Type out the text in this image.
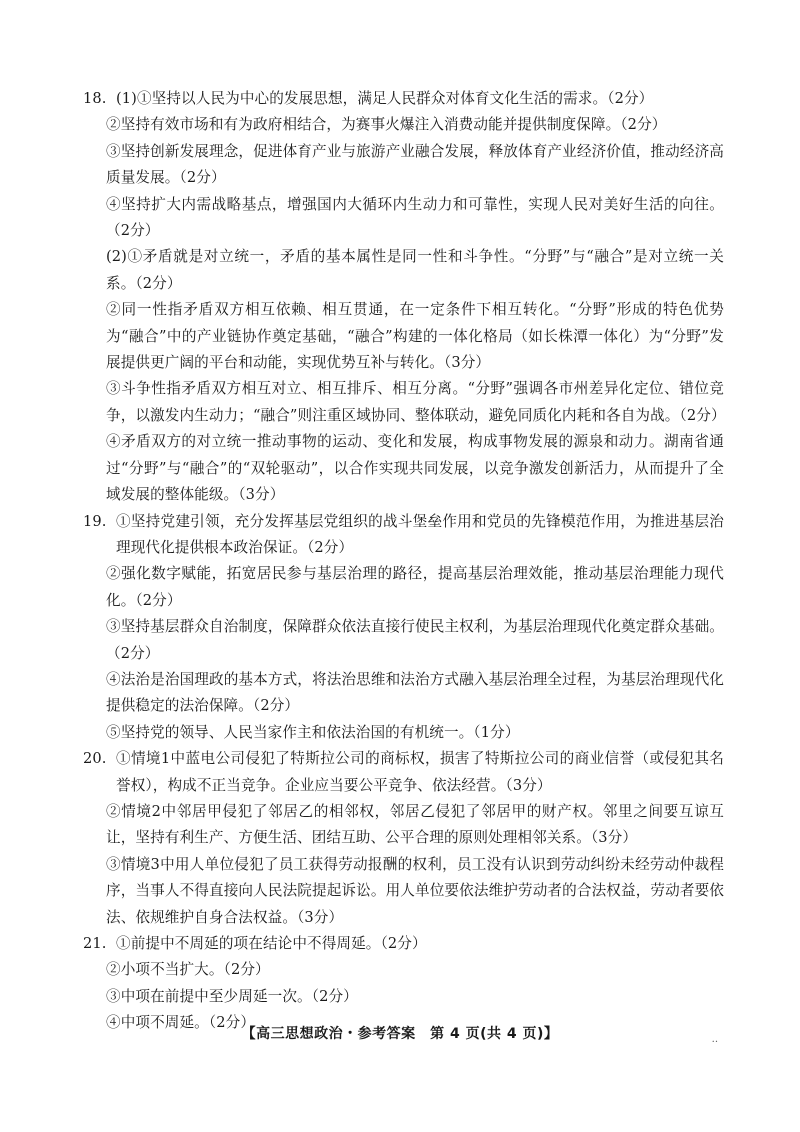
18. (1)①坚持以人民为中心的发展思想，满足人民群众对体育文化生活的需求。（2分）

②坚持有效市场和有为政府相结合，为赛事火爆注入消费动能并提供制度保障。（2分）

③坚持创新发展理念，促进体育产业与旅游产业融合发展，释放体育产业经济价值，推动经济高质量发展。（2分）

④坚持扩大内需战略基点，增强国内大循环内生动力和可靠性，实现人民对美好生活的向往。（2分）

(2)①矛盾就是对立统一，矛盾的基本属性是同一性和斗争性。“分野”与“融合”是对立统一关系。（2分）

②同一性指矛盾双方相互依赖、相互贯通，在一定条件下相互转化。“分野”形成的特色优势为“融合”中的产业链协作奠定基础，“融合”构建的一体化格局（如长株潭一体化）为“分野”发展提供更广阔的平台和动能，实现优势互补与转化。（3分）

③斗争性指矛盾双方相互对立、相互排斥、相互分离。“分野”强调各市州差异化定位、错位竞争，以激发内生动力；“融合”则注重区域协同、整体联动，避免同质化内耗和各自为战。（2分）

④矛盾双方的对立统一推动事物的运动、变化和发展，构成事物发展的源泉和动力。湖南省通过“分野”与“融合”的“双轮驱动”，以合作实现共同发展，以竞争激发创新活力，从而提升了全域发展的整体能级。（3分）

19. ①坚持党建引领，充分发挥基层党组织的战斗堡垒作用和党员的先锋模范作用，为推进基层治理现代化提供根本政治保证。（2分）

②强化数字赋能，拓宽居民参与基层治理的路径，提高基层治理效能，推动基层治理能力现代化。（2分）

③坚持基层群众自治制度，保障群众依法直接行使民主权利，为基层治理现代化奠定群众基础。（2分）

④法治是治国理政的基本方式，将法治思维和法治方式融入基层治理全过程，为基层治理现代化提供稳定的法治保障。（2分）

⑤坚持党的领导、人民当家作主和依法治国的有机统一。（1分）

20. ①情境1中蓝电公司侵犯了特斯拉公司的商标权，损害了特斯拉公司的商业信誉（或侵犯其名誉权），构成不正当竞争。企业应当要公平竞争、依法经营。（3分）

②情境2中邻居甲侵犯了邻居乙的相邻权，邻居乙侵犯了邻居甲的财产权。邻里之间要互谅互让，坚持有利生产、方便生活、团结互助、公平合理的原则处理相邻关系。（3分）

③情境3中用人单位侵犯了员工获得劳动报酬的权利，员工没有认识到劳动纠纷未经劳动仲裁程序，当事人不得直接向人民法院提起诉讼。用人单位要依法维护劳动者的合法权益，劳动者要依法、依规维护自身合法权益。（3分）

21. ①前提中不周延的项在结论中不得周延。（2分）

②小项不当扩大。（2分）

③中项在前提中至少周延一次。（2分）

④中项不周延。（2分）

【高三思想政治・参考答案　第 4 页(共 4 页)】	..
